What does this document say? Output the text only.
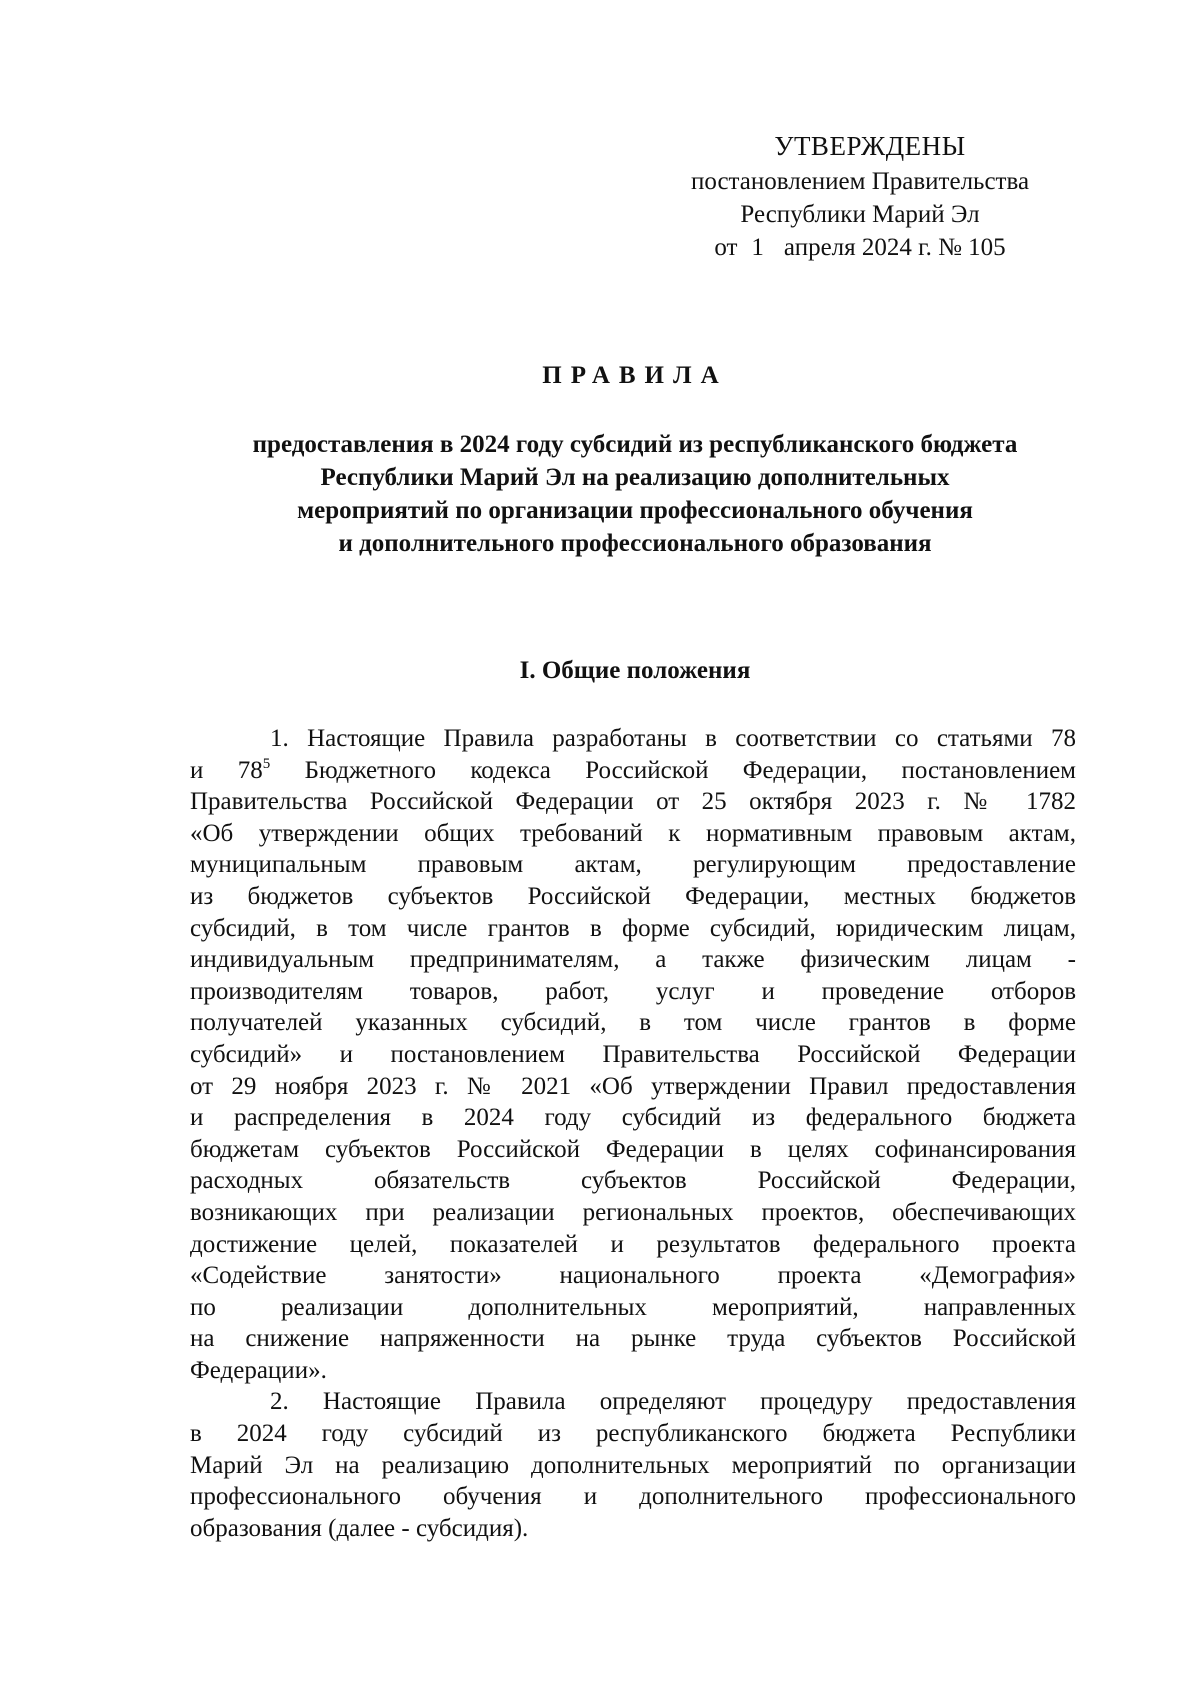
УТВЕРЖДЕНЫ
постановлением Правительства
Республики Марий Эл
от 1 апреля 2024 г. № 105
ПРАВИЛА
предоставления в 2024 году субсидий из республиканского бюджета
Республики Марий Эл на реализацию дополнительных
мероприятий по организации профессионального обучения
и дополнительного профессионального образования
I. Общие положения
1. Настоящие Правила разработаны в соответствии со статьями 78
и $78^5$ Бюджетного кодекса Российской Федерации, постановлением
Правительства Российской Федерации от 25 октября 2023 г. № 1782
«Об утверждении общих требований к нормативным правовым актам,
муниципальным правовым актам, регулирующим предоставление
из бюджетов субъектов Российской Федерации, местных бюджетов
субсидий, в том числе грантов в форме субсидий, юридическим лицам,
индивидуальным предпринимателям, а также физическим лицам -
производителям товаров, работ, услуг и проведение отборов
получателей указанных субсидий, в том числе грантов в форме
субсидий» и постановлением Правительства Российской Федерации
от 29 ноября 2023 г. № 2021 «Об утверждении Правил предоставления
и распределения в 2024 году субсидий из федерального бюджета
бюджетам субъектов Российской Федерации в целях софинансирования
расходных обязательств субъектов Российской Федерации,
возникающих при реализации региональных проектов, обеспечивающих
достижение целей, показателей и результатов федерального проекта
«Содействие занятости» национального проекта «Демография»
по реализации дополнительных мероприятий, направленных
на снижение напряженности на рынке труда субъектов Российской
Федерации».
2. Настоящие Правила определяют процедуру предоставления
в 2024 году субсидий из республиканского бюджета Республики
Марий Эл на реализацию дополнительных мероприятий по организации
профессионального обучения и дополнительного профессионального
образования (далее - субсидия).
